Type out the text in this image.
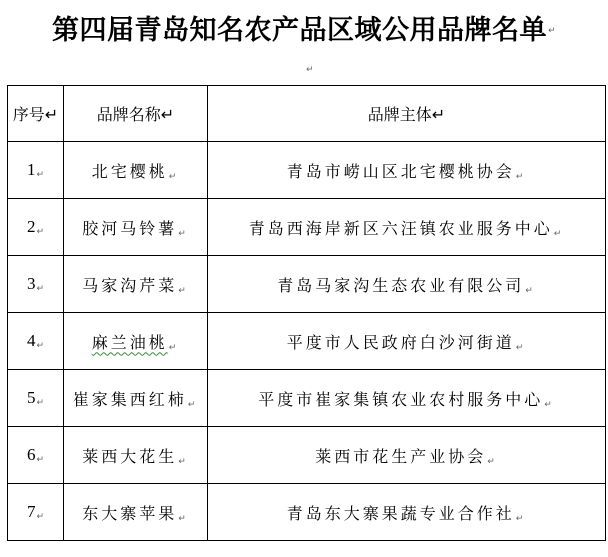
第四届青岛知名农产品区域公用品牌名单↵
↵
序号↵	品牌名称↵	品牌主体↵
1↵	北宅樱桃↵	青岛市崂山区北宅樱桃协会↵
2↵	胶河马铃薯↵	青岛西海岸新区六汪镇农业服务中心↵
3↵	马家沟芹菜↵	青岛马家沟生态农业有限公司↵
4↵	麻兰油桃↵	平度市人民政府白沙河街道↵
5↵	崔家集西红柿↵	平度市崔家集镇农业农村服务中心↵
6↵	莱西大花生↵	莱西市花生产业协会↵
7↵	东大寨苹果↵	青岛东大寨果蔬专业合作社↵
